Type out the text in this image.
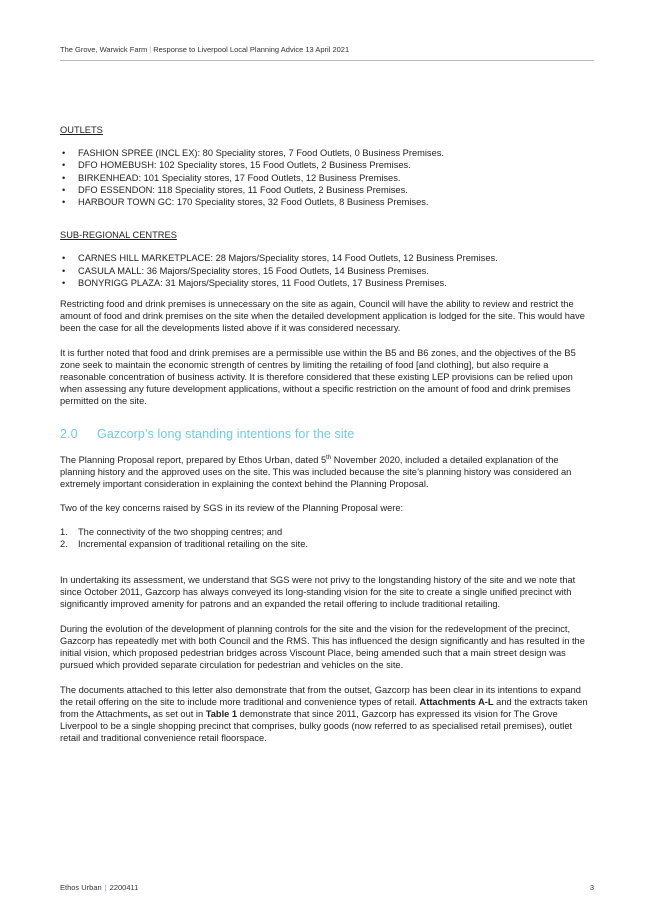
The Grove, Warwick Farm | Response to Liverpool Local Planning Advice 13 April 2021
OUTLETS
• FASHION SPREE (INCL EX): 80 Speciality stores, 7 Food Outlets, 0 Business Premises.
• DFO HOMEBUSH: 102 Speciality stores, 15 Food Outlets, 2 Business Premises.
• BIRKENHEAD: 101 Speciality stores, 17 Food Outlets, 12 Business Premises.
• DFO ESSENDON: 118 Speciality stores, 11 Food Outlets, 2 Business Premises.
• HARBOUR TOWN GC: 170 Speciality stores, 32 Food Outlets, 8 Business Premises.
SUB-REGIONAL CENTRES
• CARNES HILL MARKETPLACE: 28 Majors/Speciality stores, 14 Food Outlets, 12 Business Premises.
• CASULA MALL: 36 Majors/Speciality stores, 15 Food Outlets, 14 Business Premises.
• BONYRIGG PLAZA: 31 Majors/Speciality stores, 11 Food Outlets, 17 Business Premises.

Restricting food and drink premises is unnecessary on the site as again, Council will have the ability to review and restrict the amount of food and drink premises on the site when the detailed development application is lodged for the site. This would have been the case for all the developments listed above if it was considered necessary.

It is further noted that food and drink premises are a permissible use within the B5 and B6 zones, and the objectives of the B5 zone seek to maintain the economic strength of centres by limiting the retailing of food [and clothing], but also require a reasonable concentration of business activity. It is therefore considered that these existing LEP provisions can be relied upon when assessing any future development applications, without a specific restriction on the amount of food and drink premises permitted on the site.

2.0 Gazcorp’s long standing intentions for the site

The Planning Proposal report, prepared by Ethos Urban, dated 5th November 2020, included a detailed explanation of the planning history and the approved uses on the site. This was included because the site’s planning history was considered an extremely important consideration in explaining the context behind the Planning Proposal.

Two of the key concerns raised by SGS in its review of the Planning Proposal were:

1. The connectivity of the two shopping centres; and
2. Incremental expansion of traditional retailing on the site.

In undertaking its assessment, we understand that SGS were not privy to the longstanding history of the site and we note that since October 2011, Gazcorp has always conveyed its long-standing vision for the site to create a single unified precinct with significantly improved amenity for patrons and an expanded the retail offering to include traditional retailing.

During the evolution of the development of planning controls for the site and the vision for the redevelopment of the precinct, Gazcorp has repeatedly met with both Council and the RMS. This has influenced the design significantly and has resulted in the initial vision, which proposed pedestrian bridges across Viscount Place, being amended such that a main street design was pursued which provided separate circulation for pedestrian and vehicles on the site.

The documents attached to this letter also demonstrate that from the outset, Gazcorp has been clear in its intentions to expand the retail offering on the site to include more traditional and convenience types of retail. Attachments A-L and the extracts taken from the Attachments, as set out in Table 1 demonstrate that since 2011, Gazcorp has expressed its vision for The Grove Liverpool to be a single shopping precinct that comprises, bulky goods (now referred to as specialised retail premises), outlet retail and traditional convenience retail floorspace.

Ethos Urban | 2200411	3
